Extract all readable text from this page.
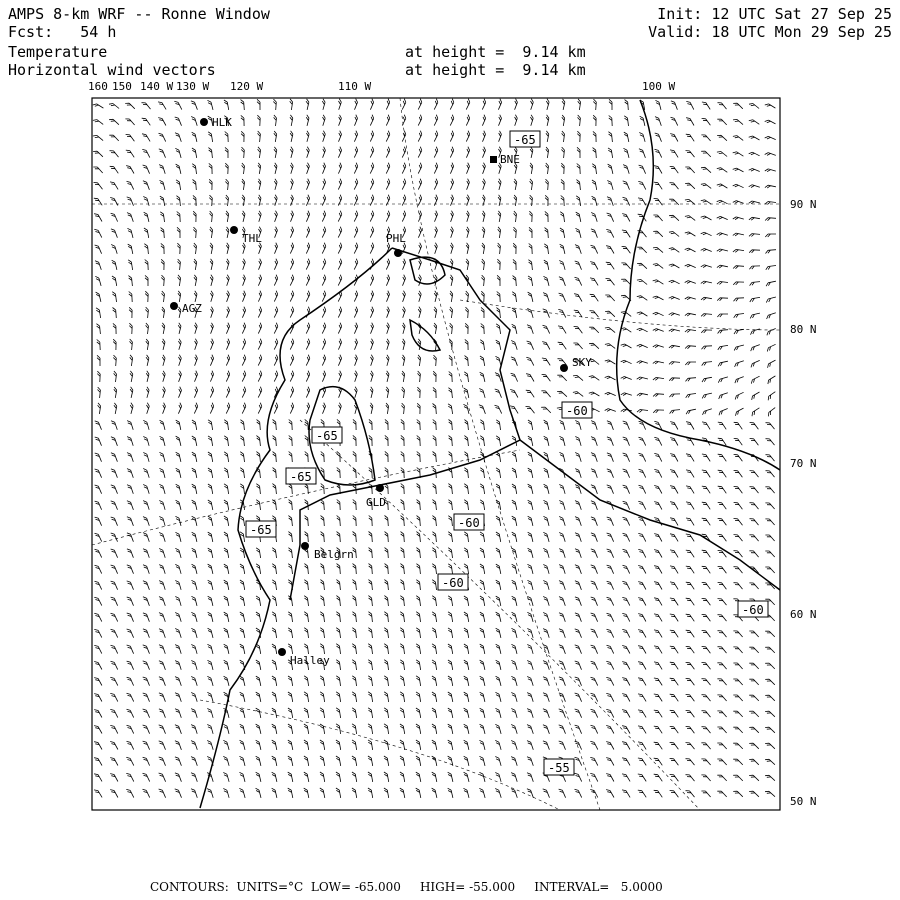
AMPS 8-km WRF -- Ronne Window
Fcst:   54 h
Init: 12 UTC Sat 27 Sep 25
Valid: 18 UTC Mon 29 Sep 25
Temperature	at height =  9.14 km
Horizontal wind vectors	at height =  9.14 km
HLK
BNE
THL	PHL
AGZ
SKY
GLD
Belgrn
Halley
-65
-60
-65
-65
-65	-60
-60
-60
-55
160 150 140 W 130 W 120 W	110 W	100 W
90 N
80 N
70 N
60 N
50 N
CONTOURS:  UNITS=°C  LOW= -65.000     HIGH= -55.000     INTERVAL=   5.0000
